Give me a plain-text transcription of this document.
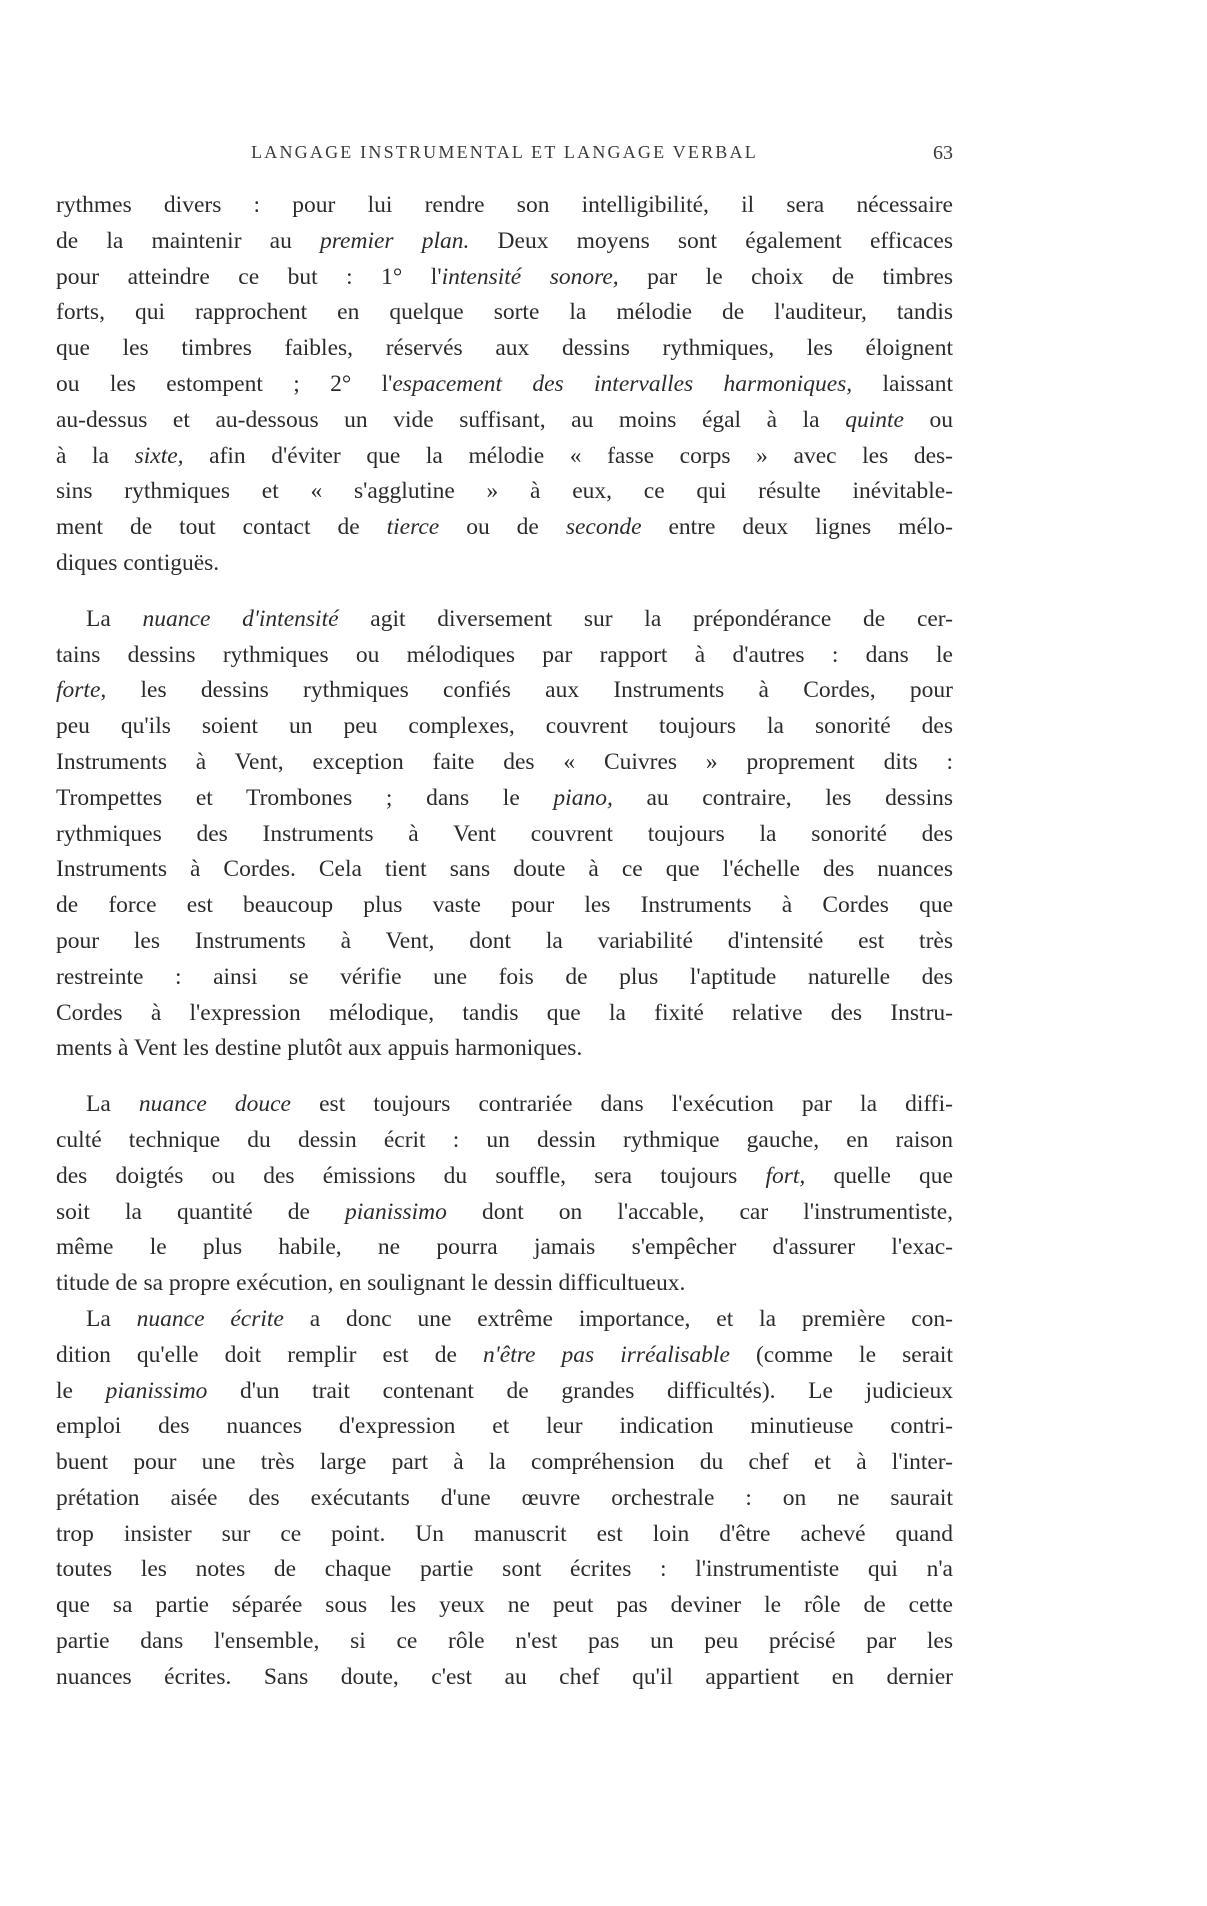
LANGAGE INSTRUMENTAL ET LANGAGE VERBAL	63
rythmes divers : pour lui rendre son intelligibilité, il sera nécessaire
de la maintenir au premier plan. Deux moyens sont également efficaces
pour atteindre ce but : 1° l'intensité sonore, par le choix de timbres
forts, qui rapprochent en quelque sorte la mélodie de l'auditeur, tandis
que les timbres faibles, réservés aux dessins rythmiques, les éloignent
ou les estompent ; 2° l'espacement des intervalles harmoniques, laissant
au-dessus et au-dessous un vide suffisant, au moins égal à la quinte ou
à la sixte, afin d'éviter que la mélodie « fasse corps » avec les des-
sins rythmiques et « s'agglutine » à eux, ce qui résulte inévitable-
ment de tout contact de tierce ou de seconde entre deux lignes mélo-
diques contiguës.
La nuance d'intensité agit diversement sur la prépondérance de cer-
tains dessins rythmiques ou mélodiques par rapport à d'autres : dans le
forte, les dessins rythmiques confiés aux Instruments à Cordes, pour
peu qu'ils soient un peu complexes, couvrent toujours la sonorité des
Instruments à Vent, exception faite des « Cuivres » proprement dits :
Trompettes et Trombones ; dans le piano, au contraire, les dessins
rythmiques des Instruments à Vent couvrent toujours la sonorité des
Instruments à Cordes. Cela tient sans doute à ce que l'échelle des nuances
de force est beaucoup plus vaste pour les Instruments à Cordes que
pour les Instruments à Vent, dont la variabilité d'intensité est très
restreinte : ainsi se vérifie une fois de plus l'aptitude naturelle des
Cordes à l'expression mélodique, tandis que la fixité relative des Instru-
ments à Vent les destine plutôt aux appuis harmoniques.
La nuance douce est toujours contrariée dans l'exécution par la diffi-
culté technique du dessin écrit : un dessin rythmique gauche, en raison
des doigtés ou des émissions du souffle, sera toujours fort, quelle que
soit la quantité de pianissimo dont on l'accable, car l'instrumentiste,
même le plus habile, ne pourra jamais s'empêcher d'assurer l'exac-
titude de sa propre exécution, en soulignant le dessin difficultueux.
La nuance écrite a donc une extrême importance, et la première con-
dition qu'elle doit remplir est de n'être pas irréalisable (comme le serait
le pianissimo d'un trait contenant de grandes difficultés). Le judicieux
emploi des nuances d'expression et leur indication minutieuse contri-
buent pour une très large part à la compréhension du chef et à l'inter-
prétation aisée des exécutants d'une œuvre orchestrale : on ne saurait
trop insister sur ce point. Un manuscrit est loin d'être achevé quand
toutes les notes de chaque partie sont écrites : l'instrumentiste qui n'a
que sa partie séparée sous les yeux ne peut pas deviner le rôle de cette
partie dans l'ensemble, si ce rôle n'est pas un peu précisé par les
nuances écrites. Sans doute, c'est au chef qu'il appartient en dernier
